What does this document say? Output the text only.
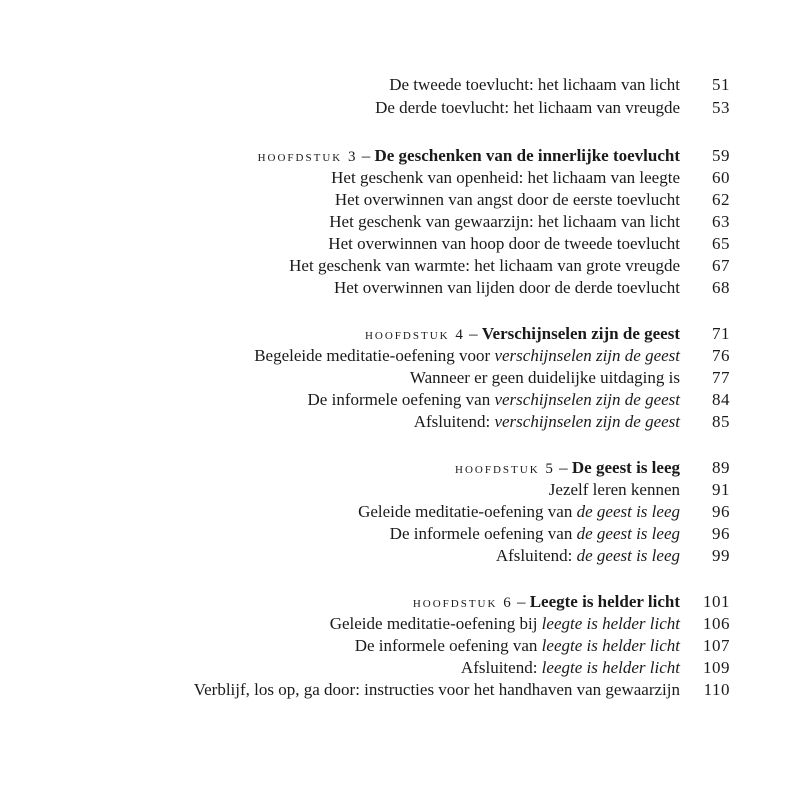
De tweede toevlucht: het lichaam van licht	51
De derde toevlucht: het lichaam van vreugde	53
hoofdstuk 3 – De geschenken van de innerlijke toevlucht	59
Het geschenk van openheid: het lichaam van leegte	60
Het overwinnen van angst door de eerste toevlucht	62
Het geschenk van gewaarzijn: het lichaam van licht	63
Het overwinnen van hoop door de tweede toevlucht	65
Het geschenk van warmte: het lichaam van grote vreugde	67
Het overwinnen van lijden door de derde toevlucht	68
hoofdstuk 4 – Verschijnselen zijn de geest	71
Begeleide meditatie-oefening voor verschijnselen zijn de geest	76
Wanneer er geen duidelijke uitdaging is	77
De informele oefening van verschijnselen zijn de geest	84
Afsluitend: verschijnselen zijn de geest	85
hoofdstuk 5 – De geest is leeg	89
Jezelf leren kennen	91
Geleide meditatie-oefening van de geest is leeg	96
De informele oefening van de geest is leeg	96
Afsluitend: de geest is leeg	99
hoofdstuk 6 – Leegte is helder licht	101
Geleide meditatie-oefening bij leegte is helder licht	106
De informele oefening van leegte is helder licht	107
Afsluitend: leegte is helder licht	109
Verblijf, los op, ga door: instructies voor het handhaven van gewaarzijn	110
